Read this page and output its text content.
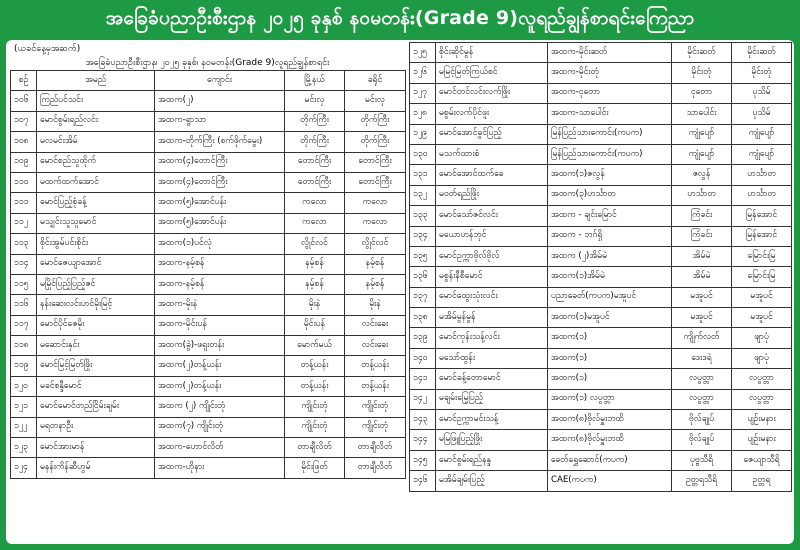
အခြေခံပညာဦးစီးဌာန ၂၀၂၅ ခုနှစ် နဝမတန်း(Grade 9)လူရည်ချွန်စာရင်းကြေညာ
(ယခင်နေ့မှအဆက်)
အခြေခံပညာဦးစီးဌာန၊ ၂၀၂၅ ခုနှစ်၊ နဝမတန်း(Grade 9)လူရည်ချွန်စာရင်း
စဉ်	အမည်	ကျောင်း	မြို့နယ်	ခရိုင်
၁၀၆	ကြည်ပင်သင်း	အထက(၂)	မင်းလှ	မင်းလှ
၁၀၇	မောင်စွမ်းရည်လင်း	အထက-ရွာသာ	တိုက်ကြီး	တိုက်ကြီး
၁၀၈	မလမင်းအိမ်	အထက-တိုက်ကြီး (စက်ဖိုက်မွေး)	တိုက်ကြီး	တိုက်ကြီး
၁၀၉	မောင်စည်သူထိုက်	အထက(၄)တောင်ကြီး	တောင်ကြီး	တောင်ကြီး
၁၁၀	မထက်ထက်အောင်	အထက(၄)တောင်ကြီး	တောင်ကြီး	တောင်ကြီး
၁၁၁	မောင်ပြည့်စုံခန့်	အထက(၅)အောင်ပန်း	ကလော	ကလော
၁၁၂	မသျှင်းသူသူမောင်	အထက(၅)အောင်ပန်း	ကလော	ကလော
၁၁၃	စိုင်းအွမ်ပင်းစိုင်း	အထက(၁)ပင်လုံ	လွိုင်လင်	လွိုင်လင်
၁၁၄	မောင်ဇေယျာအောင်	အထက-နမ့်စန်	နမ့်စန်	နမ့်စန်
၁၁၅	မမြိုင်ပြည့်ပြည့်ဇင်	အထက-နမ့်စန်	နမ့်စန်	နမ့်စန်
၁၁၆	နန်းဆေးလင်းဟင်မိုးမြင့်	အထက-မိုးနဲ	မိုးနဲ	မိုးနဲ
၁၁၇	မောင်ပိုင်ဇေမိုး	အထက-မိုင်းပန်	မိုင်းပန်	လင်းခေး
၁၁၈	မဆောင်းနှင်း	အထက(ခွဲ)-ဖရူးတန်း	မောက်မယ်	လင်းခေး
၁၁၉	မောင်မြင့်မြတ်ဖြိုး	အထက(၂)တန့်ယန်း	တန့်ယန်း	တန့်ယန်း
၁၂၀	မခင်စန္ဒီမောင်	အထက(၂)တန့်ယန်း	တန့်ယန်း	တန့်ယန်း
၁၂၁	မောင်မောင်တည်ငြိမ်းချမ်း	အထက (၂) ကျိုင်းတုံ	ကျိုင်းတုံ	ကျိုင်းတုံ
၁၂၂	မရတနာဦး	အထက(၇) ကျိုင်းတုံ	ကျိုင်းတုံ	ကျိုင်းတုံ
၁၂၃	မောင်အားမာန်	အထက-ဟောင်လိတ်	တာချီလိတ်	တာချီလိတ်
၁၂၄	မနန်းကိန်ဆီဟွမ်	အထက-ဟိုနား	မိုင်းဖြတ်	တာချီလိတ်
၁၂၅	စိုင်းဆိုင်မွန်	အထက-မိုင်းဆတ်	မိုင်းဆတ်	မိုင်းဆတ်
၁၂၆	မမြင့်မြတ်ကြယ်စင်	အထက-မိုင်းတုံ	မိုင်းတုံ	မိုင်းတုံ
၁၂၇	မောင်တင်လင်းလက်ဖြိုး	အထက-ငုတော	ငုတော	ပုသိမ်
၁၂၈	မစွမ်းလက်ပိုင်ဖူး	အထက-သာပေါင်း	သာပေါင်း	ပုသိမ်
၁၂၉	မောင်အောင်ခွင်ပြည့်	မြန်ပြည်သားကောင်း(ကပက)	ကျုံပျော်	ကျုံပျော်
၁၃၀	မသက်ထားစံ	မြန်ပြည်သားကောင်း(ကပက)	ကျုံပျော်	ကျုံပျော်
၁၃၁	မောင်အောင်ထက်ခေ	အထက(၁)ဇလွန်	ဇလွန်	ဟင်္သာတ
၁၃၂	မဝတ်ရည်ဖြိုး	အထက(၃)ဟင်္သာတ	ဟင်္သာတ	ဟင်္သာတ
၁၃၃	မောင်သော်ဇင်လင်း	အထက - ချင်းမြောင်	ကြံခင်း	မြန်အောင်
၁၃၄	မယောဟန်ဘုင်	အထက - ဘဂ်ရှိ	ကြံခင်း	မြန်အောင်
၁၃၅	မောင်ဥက္ကာဗိုလ်ဗိုလ်	အထက (၂)အိမ်မဲ	အိမ်မဲ	မြောင်းမြ
၁၃၆	မစွန်းနီစီမောင်	အထက(၁)အိမ်မဲ	အိမ်မဲ	မြောင်းမြ
၁၃၇	မောင်ထွေးသုံးလင်း	ပညာခေတ်(ကပက)မအူပင်	မအူပင်	မအူပင်
၁၃၈	မအိမ်မွန်မွန်	အထက(၁)မအူပင်	မအူပင်	မအူပင်
၁၃၉	မောင်ကုန်းသန့်လင်း	အထက(၁)	ကျိုက်လတ်	ဖျာပုံ
၁၄၀	မသော်ထွန်း	အထက(၁)	ဒေးဒရဲ	ဖျာပုံ
၁၄၁	မောင်ခန့်တောမောင်	အထက(၁)	လပွတ္တာ	လပွတ္တာ
၁၄၂	မချမ်းမြေ့ပြည့်	အထက(၁) လပွတ္တာ	လပွတ္တာ	လပွတ္တာ
၁၄၃	မောင်ဥက္ကာမင်းသန့်	အထက(၈)ဗိုလ်မှူးဘထိ	ဗိုလ်ချုပ်	ပျဉ်းမနား
၁၄၄	မမြဖြူပြည့်ဖြိုး	အထက(၈)ဗိုလ်မှူးဘထိ	ဗိုလ်ချုပ်	ပျဉ်းမနား
၁၄၅	မောင်စွမ်းရည်နန္ဒ	ခေတ်ရွှေဆောင်(ကပက)	ပုဗ္ဗသီရိ	ဇေယျာသီရိ
၁၄၆	မအိမ်ချမ်းပြည့်	CAE(ကပက)	ဥတ္တရသီရိ	ဥတ္တရ
